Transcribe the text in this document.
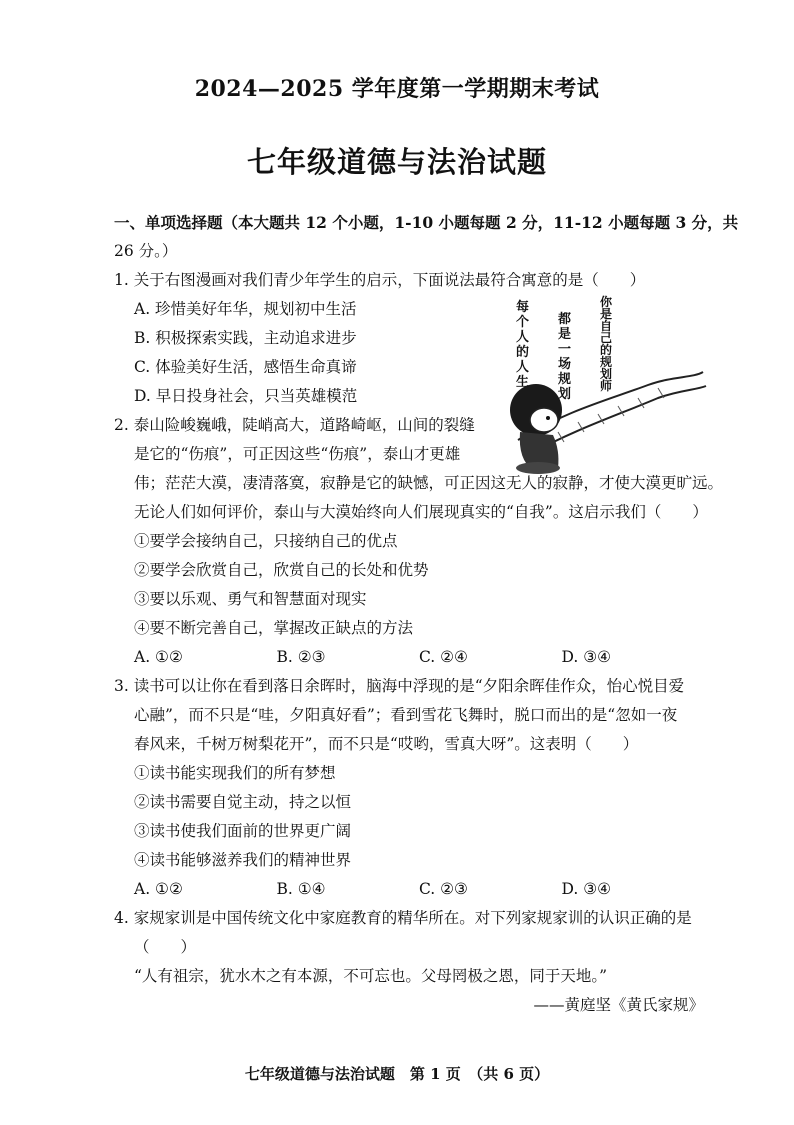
2024—2025 学年度第一学期期末考试
七年级道德与法治试题
每个人的人生
都是一场规划
你是自己的规划师
一、单项选择题（本大题共 12 个小题，1-10 小题每题 2 分，11-12 小题每题 3 分，共
26 分。）
1. 关于右图漫画对我们青少年学生的启示，下面说法最符合寓意的是（　　）
A. 珍惜美好年华，规划初中生活
B. 积极探索实践，主动追求进步
C. 体验美好生活，感悟生命真谛
D. 早日投身社会，只当英雄模范
2. 泰山险峻巍峨，陡峭高大，道路崎岖，山间的裂缝
是它的“伤痕”，可正因这些“伤痕”，泰山才更雄
伟；茫茫大漠，凄清落寞，寂静是它的缺憾，可正因这无人的寂静，才使大漠更旷远。
无论人们如何评价，泰山与大漠始终向人们展现真实的“自我”。这启示我们（　　）
①要学会接纳自己，只接纳自己的优点
②要学会欣赏自己，欣赏自己的长处和优势
③要以乐观、勇气和智慧面对现实
④要不断完善自己，掌握改正缺点的方法
A. ①②	B. ②③	C. ②④	D. ③④
3. 读书可以让你在看到落日余晖时，脑海中浮现的是“夕阳余晖佳作众，怡心悦目爱
心融”，而不只是“哇，夕阳真好看”；看到雪花飞舞时，脱口而出的是“忽如一夜
春风来，千树万树梨花开”，而不只是“哎哟，雪真大呀”。这表明（　　）
①读书能实现我们的所有梦想
②读书需要自觉主动，持之以恒
③读书使我们面前的世界更广阔
④读书能够滋养我们的精神世界
A. ①②	B. ①④	C. ②③	D. ③④
4. 家规家训是中国传统文化中家庭教育的精华所在。对下列家规家训的认识正确的是
（　　）
“人有祖宗，犹水木之有本源，不可忘也。父母罔极之恩，同于天地。”
——黄庭坚《黄氏家规》
七年级道德与法治试题　第 1 页　（共 6 页）
